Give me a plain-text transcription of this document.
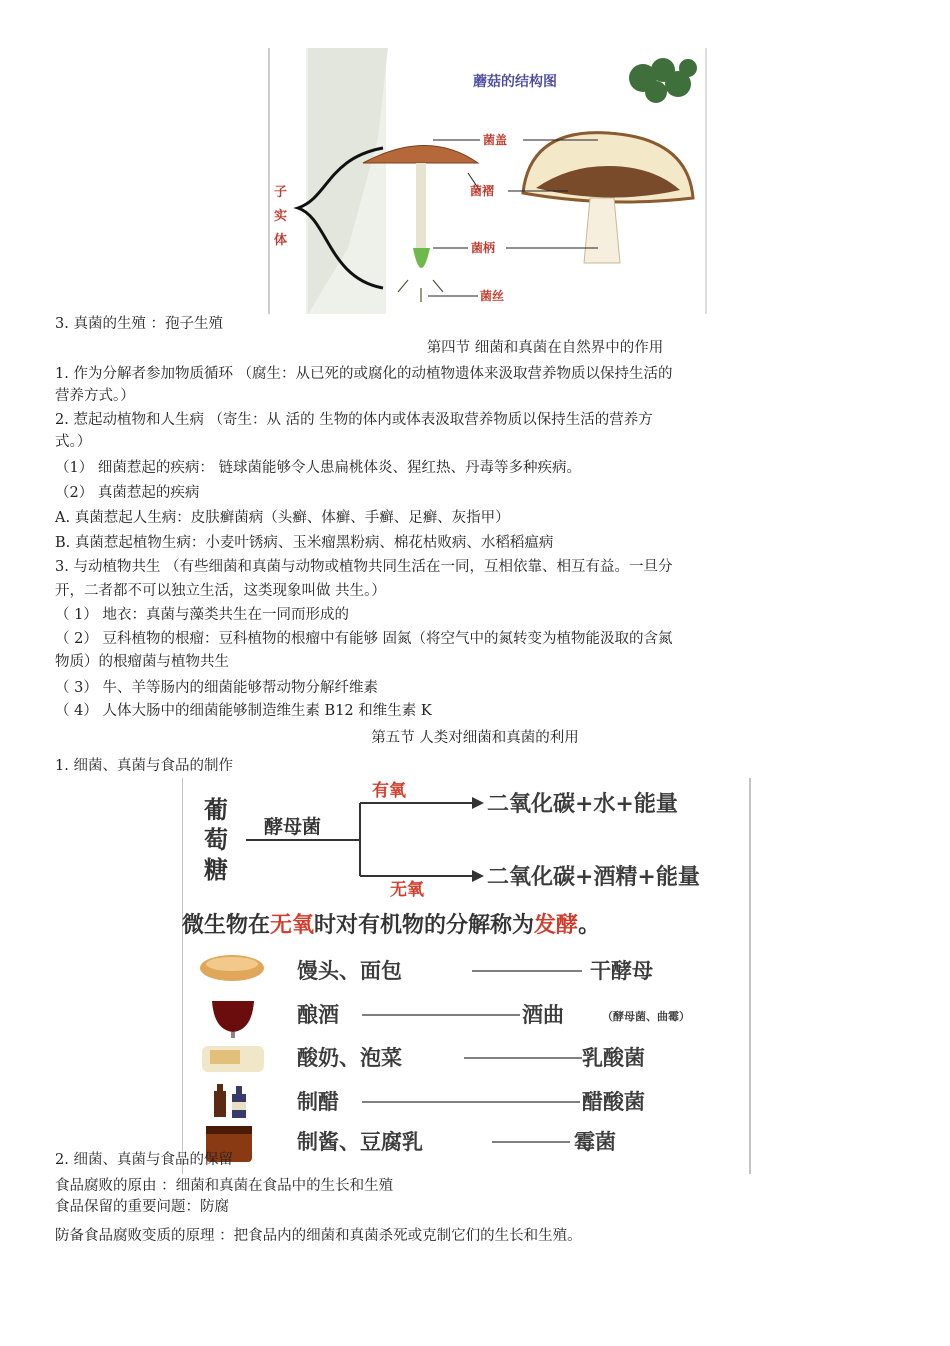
蘑菇的结构图
子
实
体
菌盖
菌褶
菌柄
菌丝
3. 真菌的生殖 ：孢子生殖
第四节 细菌和真菌在自然界中的作用
1. 作为分解者参加物质循环 （腐生：从已死的或腐化的动植物遗体来汲取营养物质以保持生活的
营养方式。）
2. 惹起动植物和人生病 （寄生：从 活的 生物的体内或体表汲取营养物质以保持生活的营养方
式。）
（1） 细菌惹起的疾病： 链球菌能够令人患扁桃体炎、猩红热、丹毒等多种疾病。
（2） 真菌惹起的疾病
A. 真菌惹起人生病：皮肤癣菌病（头癣、体癣、手癣、足癣、灰指甲）
B. 真菌惹起植物生病：小麦叶锈病、玉米瘤黑粉病、棉花枯败病、水稻稻瘟病
3. 与动植物共生 （有些细菌和真菌与动物或植物共同生活在一同，互相依靠、相互有益。一旦分
开，二者都不可以独立生活，这类现象叫做 共生。）
（ 1） 地衣：真菌与藻类共生在一同而形成的
（ 2） 豆科植物的根瘤：豆科植物的根瘤中有能够 固氮（将空气中的氮转变为植物能汲取的含氮
物质）的根瘤菌与植物共生
（ 3） 牛、羊等肠内的细菌能够帮动物分解纤维素
（ 4） 人体大肠中的细菌能够制造维生素 B12 和维生素 K
第五节 人类对细菌和真菌的利用
1. 细菌、真菌与食品的制作
葡
萄
糖
酵母菌
有氧
无氧
二氧化碳+水+能量
二氧化碳+酒精+能量
微生物在无氧时对有机物的分解称为发酵。
馒头、面包	干酵母
酿酒	酒曲	（酵母菌、曲霉）
酸奶、泡菜	乳酸菌
制醋	醋酸菌
制酱、豆腐乳	霉菌
2. 细菌、真菌与食品的保留
食品腐败的原由 ：细菌和真菌在食品中的生长和生殖
食品保留的重要问题：防腐
防备食品腐败变质的原理 ：把食品内的细菌和真菌杀死或克制它们的生长和生殖。
